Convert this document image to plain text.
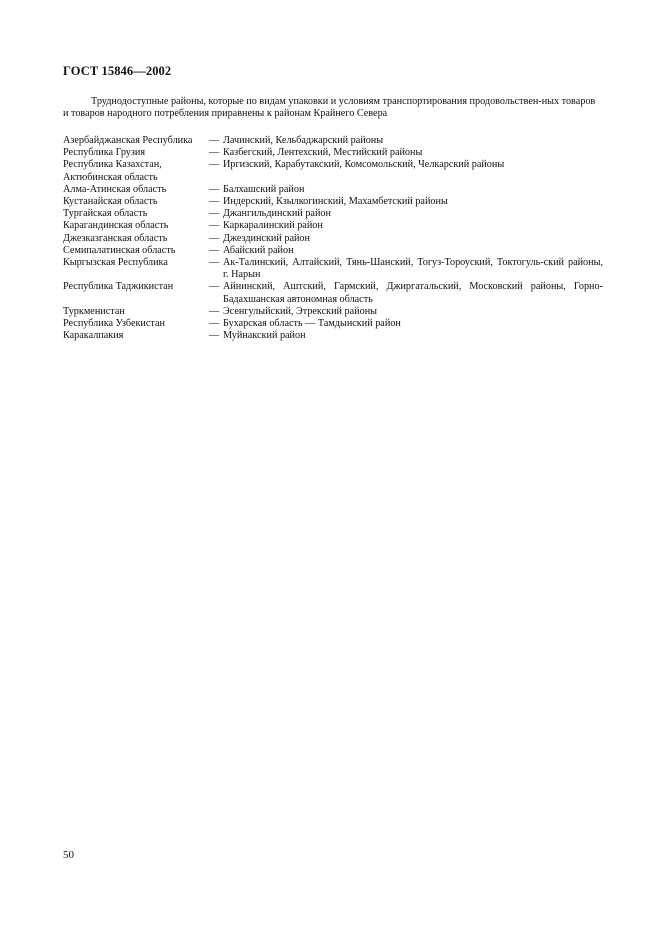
ГОСТ 15846—2002
Труднодоступные районы, которые по видам упаковки и условиям транспортирования продовольствен-ных товаров и товаров народного потребления приравнены к районам Крайнего Севера
Азербайджанская Республика	— Лачинский, Кельбаджарский районы
Республика Грузия	— Казбегский, Лентехский, Местийский районы
Республика Казахстан,	— Иргизский, Карабутакский, Комсомольский, Челкарский районы
Актюбинская область
Алма-Атинская область	— Балхашский район
Кустанайская область	— Индерский, Кзылкогинский, Махамбетский районы
Тургайская область	— Джангильдинский район
Карагандинская область	— Каркаралинский район
Джезказганская область	— Джездинский район
Семипалатинская область	— Абайский район
Кыргызская Республика	— Ак-Талинский, Алтайский, Тянь-Шанский, Тогуз-Тороуский, Токтогуль-ский районы, г. Нарын
Республика Таджикистан	— Айнинский, Аштский, Гармский, Джиргатальский, Московский районы, Горно-Бадахшанская автономная область
Туркменистан	— Эсенгулыйский, Этрекский районы
Республика Узбекистан	— Бухарская область — Тамдынский район
Каракалпакия	— Муйнакский район
50
